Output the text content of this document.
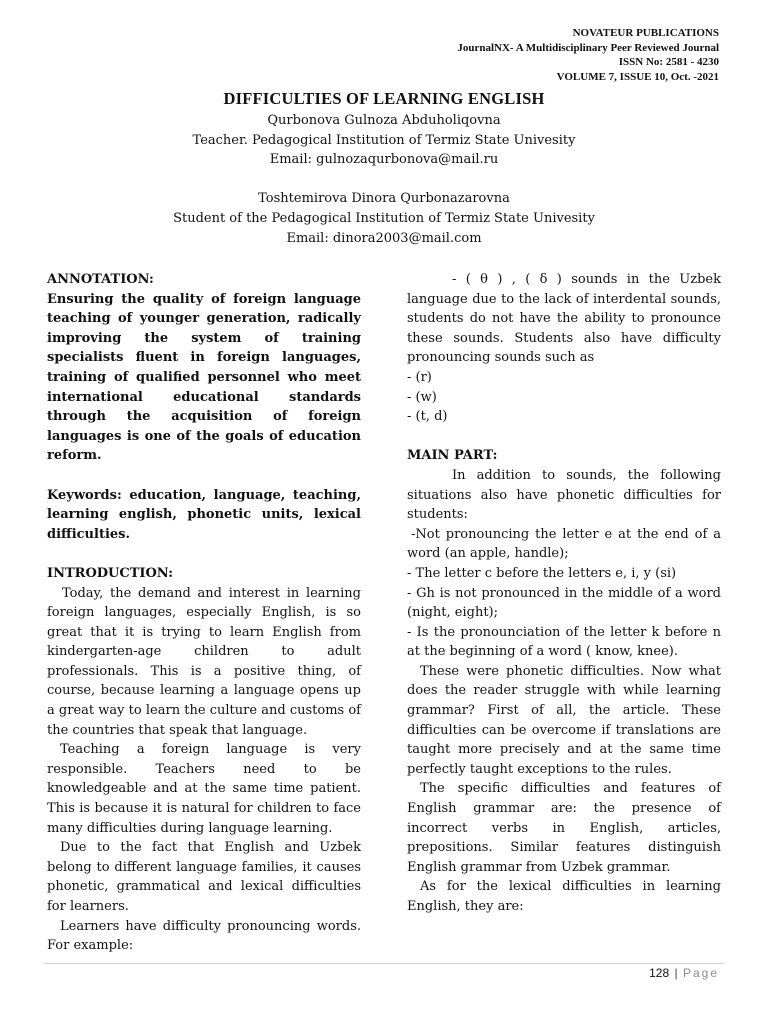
NOVATEUR PUBLICATIONS
JournalNX- A Multidisciplinary Peer Reviewed Journal
ISSN No: 2581 - 4230
VOLUME 7, ISSUE 10, Oct. -2021
DIFFICULTIES OF LEARNING ENGLISH
Qurbonova Gulnoza Abduholiqovna
Teacher. Pedagogical Institution of Termiz State Univesity
Email: gulnozaqurbonova@mail.ru
Toshtemirova Dinora Qurbonazarovna
Student of the Pedagogical Institution of Termiz State Univesity
Email: dinora2003@mail.com

ANNOTATION:

Ensuring the quality of foreign language teaching of younger generation, radically improving the system of training specialists fluent in foreign languages, training of qualified personnel who meet international educational standards through the acquisition of foreign languages is one of the goals of education reform.

Keywords: education, language, teaching, learning english, phonetic units, lexical difficulties.

INTRODUCTION:

Today, the demand and interest in learning foreign languages, especially English, is so great that it is trying to learn English from kindergarten-age children to adult professionals. This is a positive thing, of course, because learning a language opens up a great way to learn the culture and customs of the countries that speak that language.

Teaching a foreign language is very responsible. Teachers need to be knowledgeable and at the same time patient. This is because it is natural for children to face many difficulties during language learning.

Due to the fact that English and Uzbek belong to different language families, it causes phonetic, grammatical and lexical difficulties for learners.

Learners have difficulty pronouncing words. For example:

- ( θ ) , ( δ ) sounds in the Uzbek language due to the lack of interdental sounds, students do not have the ability to pronounce these sounds. Students also have difficulty pronouncing sounds such as

- (r)

- (w)

- (t, d)

MAIN PART:

In addition to sounds, the following situations also have phonetic difficulties for students:

-Not pronouncing the letter e at the end of a word (an apple, handle);

- The letter c before the letters e, i, y (si)

- Gh is not pronounced in the middle of a word (night, eight);

- Is the pronounciation of the letter k before n at the beginning of a word ( know, knee).

These were phonetic difficulties. Now what does the reader struggle with while learning grammar? First of all, the article. These difficulties can be overcome if translations are taught more precisely and at the same time perfectly taught exceptions to the rules.

The specific difficulties and features of English grammar are: the presence of incorrect verbs in English, articles, prepositions. Similar features distinguish English grammar from Uzbek grammar.

As for the lexical difficulties in learning English, they are:

128 | Page
